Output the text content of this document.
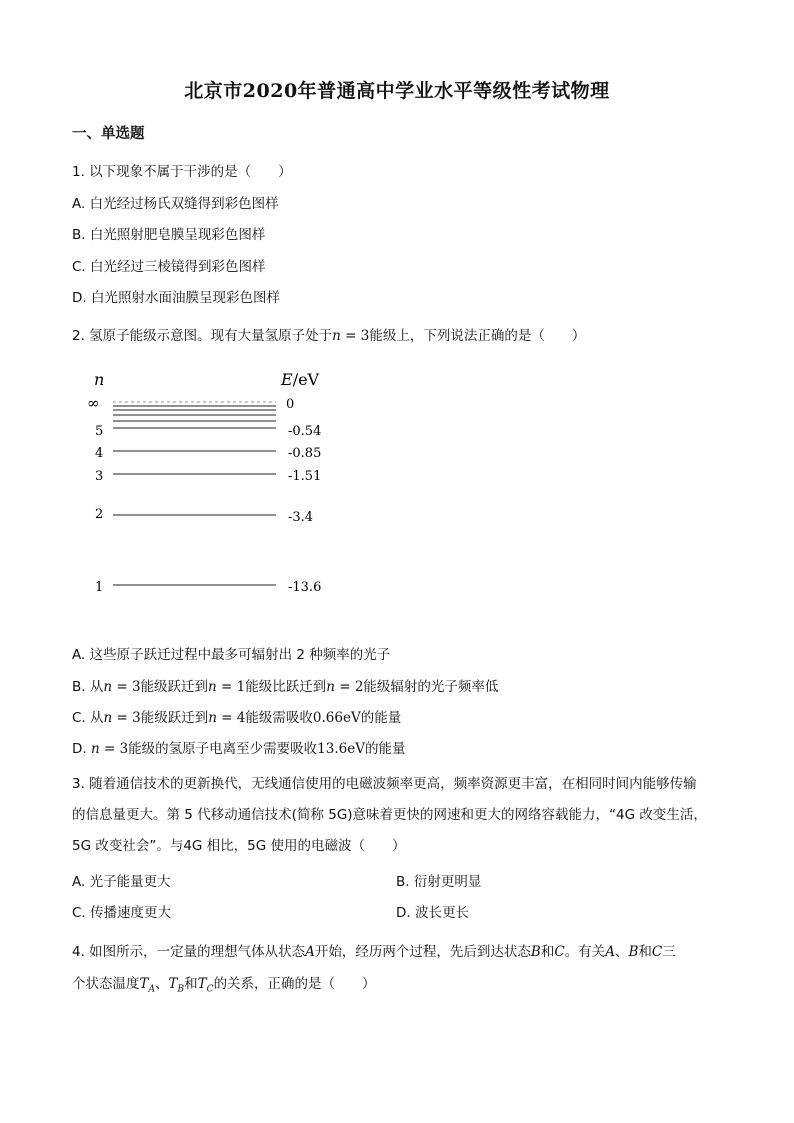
北京市2020年普通高中学业水平等级性考试物理
一、单选题
1. 以下现象不属于干涉的是（　　）
A. 白光经过杨氏双缝得到彩色图样
B. 白光照射肥皂膜呈现彩色图样
C. 白光经过三棱镜得到彩色图样
D. 白光照射水面油膜呈现彩色图样
2. 氢原子能级示意图。现有大量氢原子处于n = 3能级上，下列说法正确的是（　　）
n	E/eV
∞	0
5	-0.54
4	-0.85
3	-1.51
2	-3.4
1	-13.6
A. 这些原子跃迁过程中最多可辐射出 2 种频率的光子
B. 从n = 3能级跃迁到n = 1能级比跃迁到n = 2能级辐射的光子频率低
C. 从n = 3能级跃迁到n = 4能级需吸收0.66eV的能量
D. n = 3能级的氢原子电离至少需要吸收13.6eV的能量
3. 随着通信技术的更新换代，无线通信使用的电磁波频率更高，频率资源更丰富，在相同时间内能够传输
的信息量更大。第 5 代移动通信技术(简称 5G)意味着更快的网速和更大的网络容载能力，“4G 改变生活，
5G 改变社会”。与4G 相比，5G 使用的电磁波（　　）
A. 光子能量更大	B. 衍射更明显
C. 传播速度更大	D. 波长更长
4. 如图所示，一定量的理想气体从状态A开始，经历两个过程，先后到达状态B和C。有关A、B和C三
个状态温度$T_A$、$T_B$和$T_C$的关系，正确的是（　　）
